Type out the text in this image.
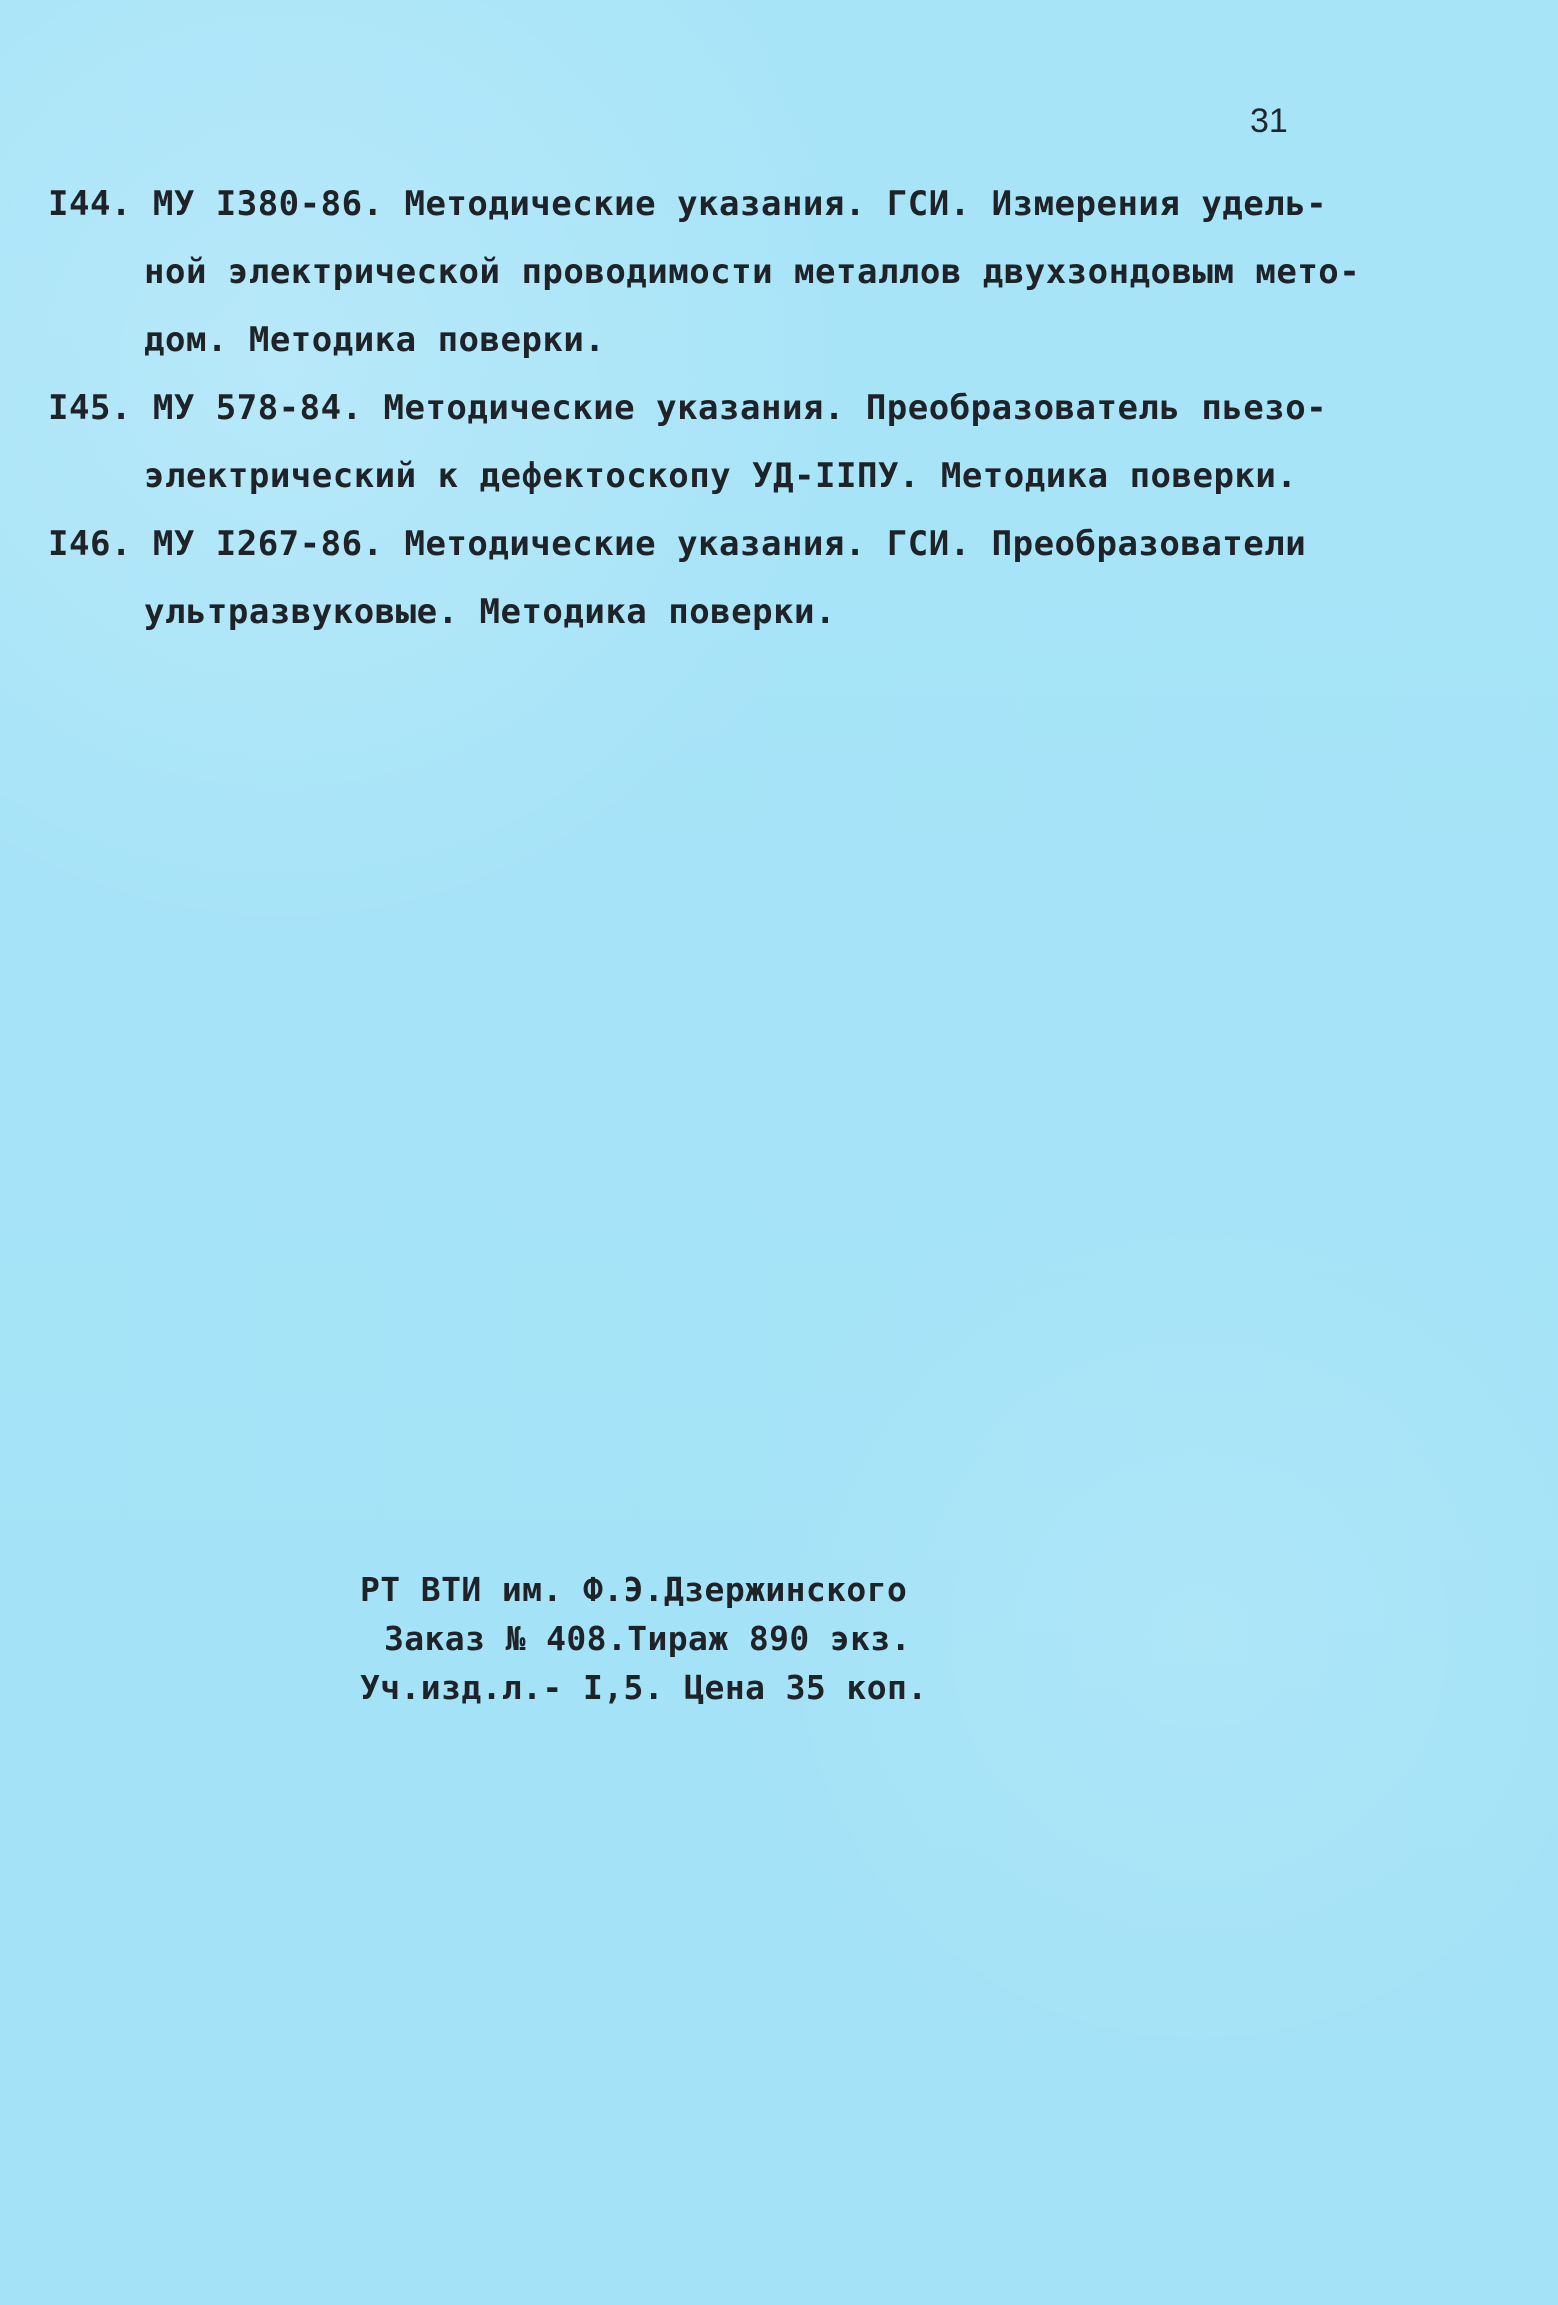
31
I44. МУ I380-86. Методические указания. ГСИ. Измерения удель-
ной электрической проводимости металлов двухзондовым мето-
дом. Методика поверки.
I45. МУ 578-84. Методические указания. Преобразователь пьезо-
электрический к дефектоскопу УД-IIПУ. Методика поверки.
I46. МУ I267-86. Методические указания. ГСИ. Преобразователи
ультразвуковые. Методика поверки.
РТ ВТИ им. Ф.Э.Дзержинского
Заказ № 408.Тираж 890 экз.
Уч.изд.л.- I,5. Цена 35 коп.
